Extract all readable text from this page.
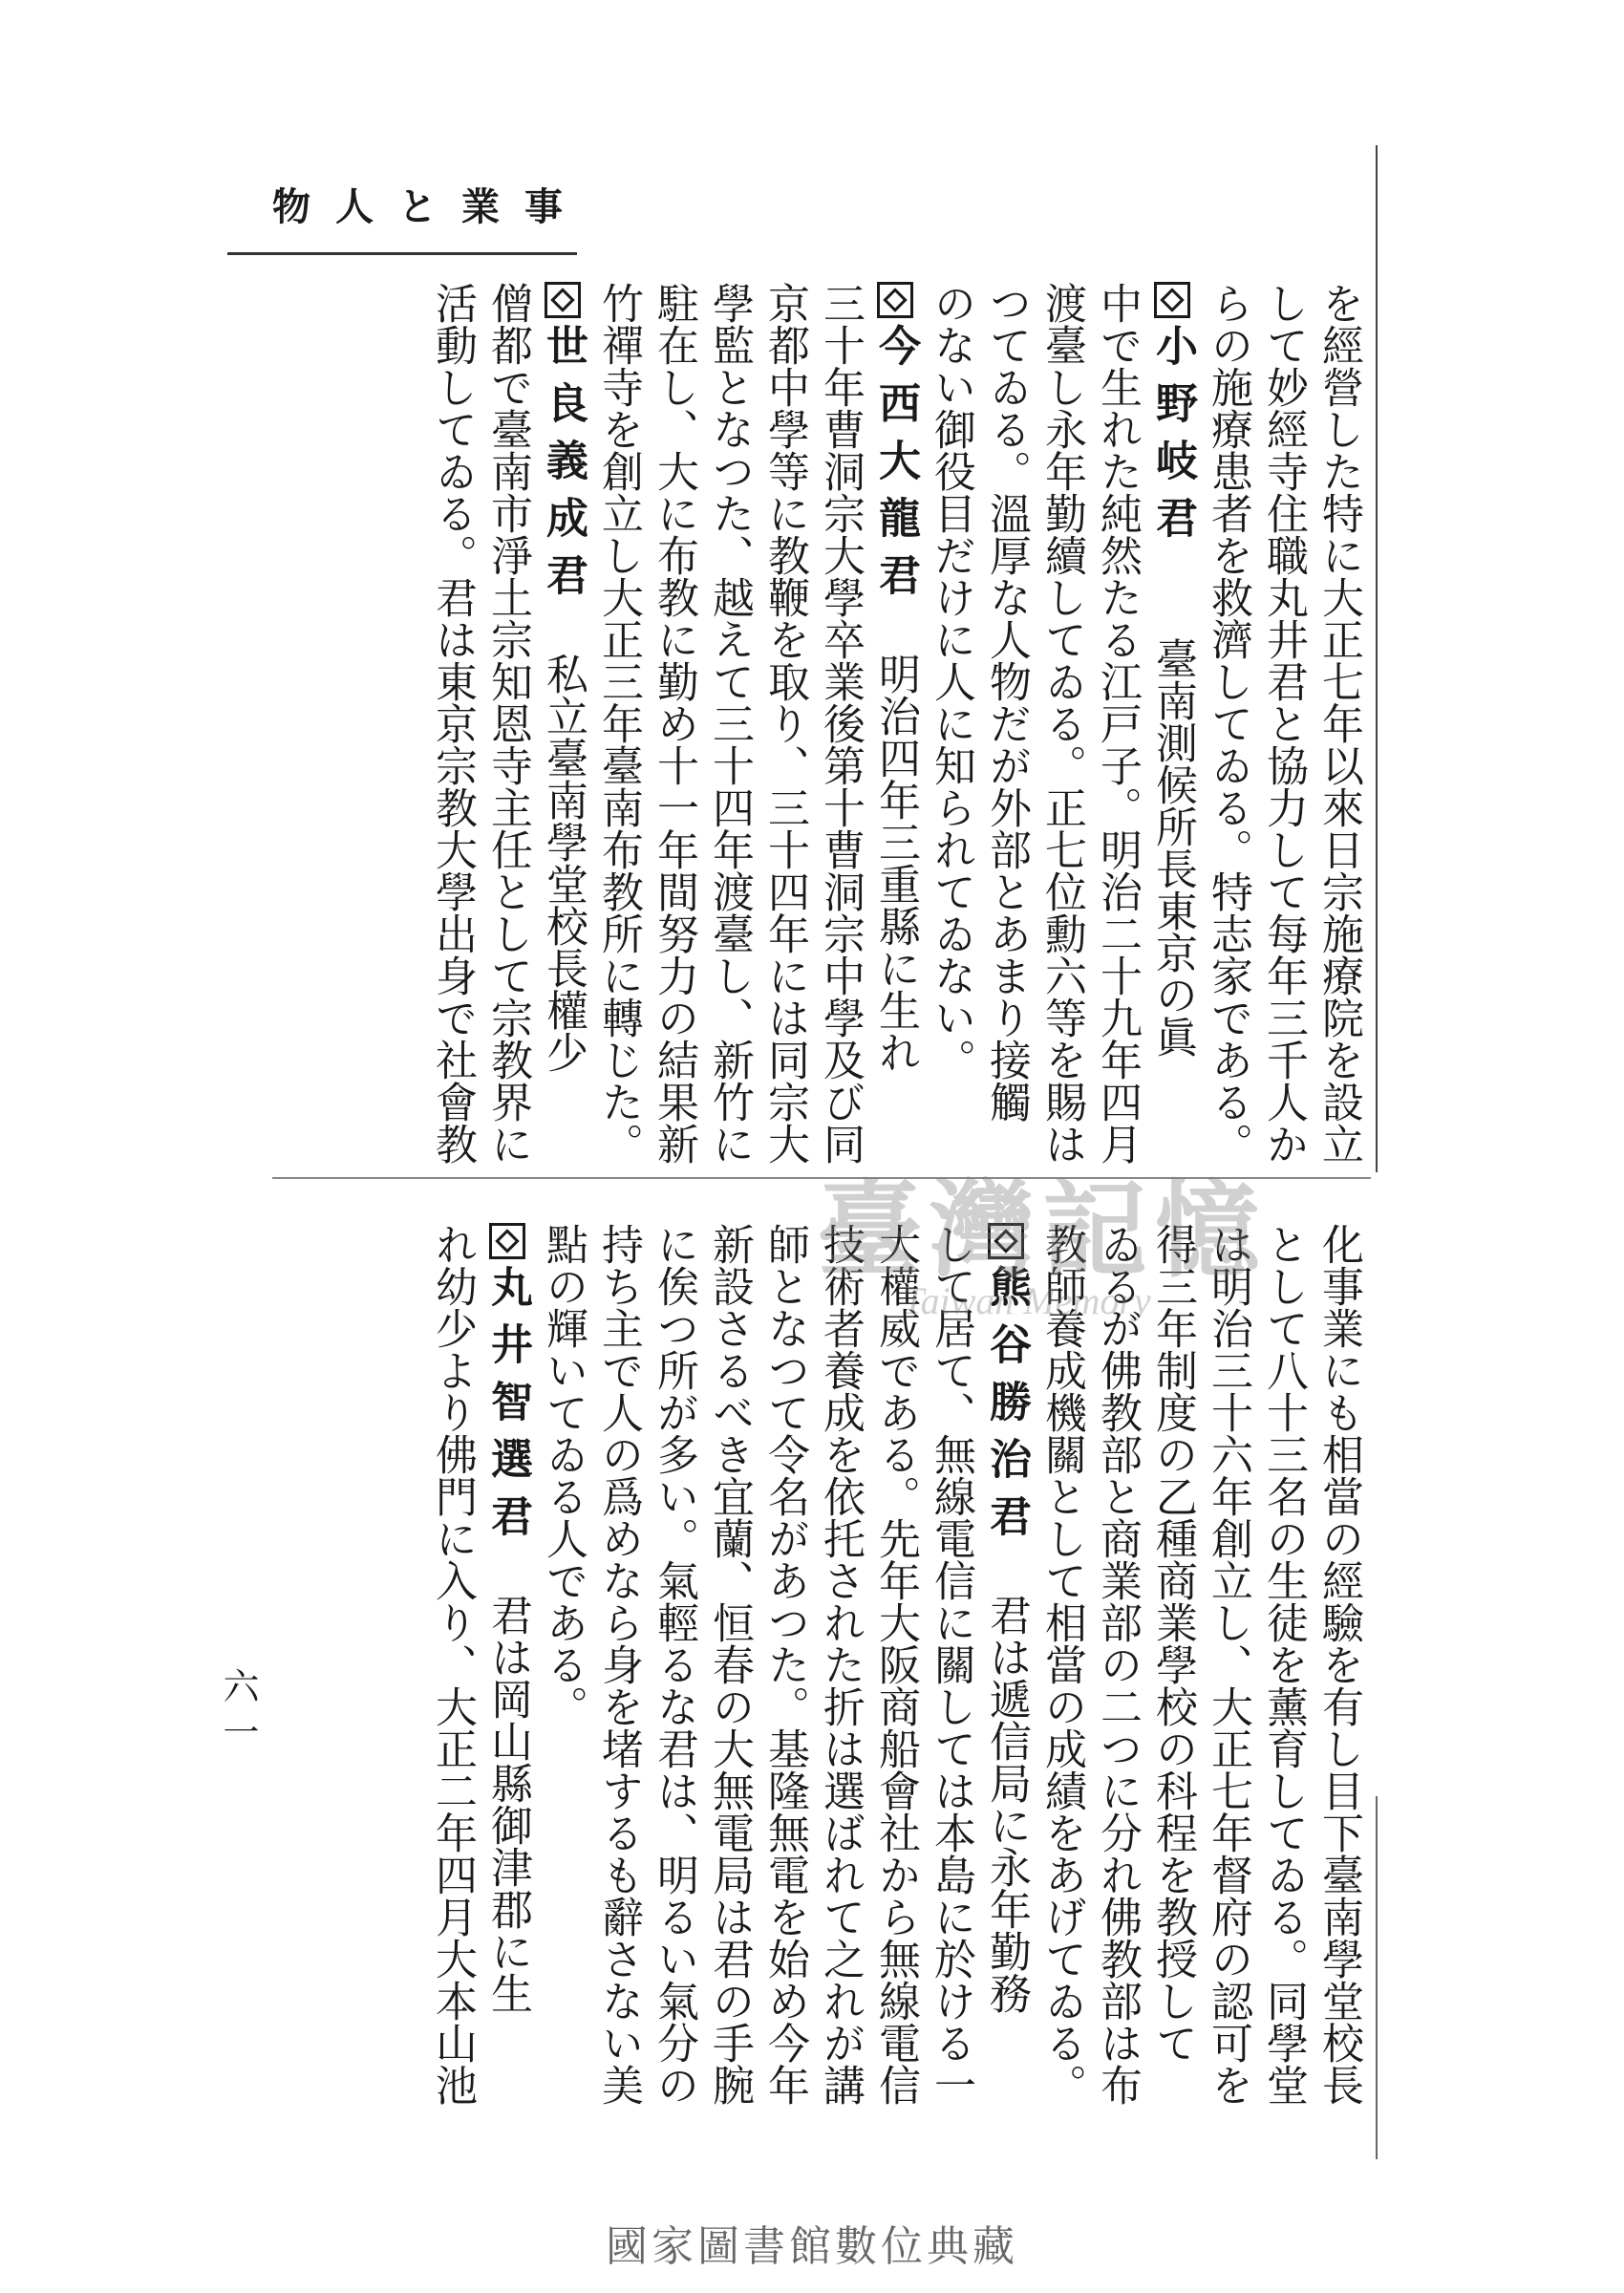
事業と人物
を經營した特に大正七年以來日宗施療院を設立
して妙經寺住職丸井君と協力して每年三千人か
らの施療患者を救濟してゐる。特志家である。
小野岐君　　臺南測候所長東京の眞
中で生れた純然たる江戸子。明治二十九年四月
渡臺し永年勤續してゐる。正七位勳六等を賜は
つてゐる。溫厚な人物だが外部とあまり接觸
のない御役目だけに人に知られてゐない。
今西大龍君　明治四年三重縣に生れ
三十年曹洞宗大學卒業後第十曹洞宗中學及び同
京都中學等に教鞭を取り、三十四年には同宗大
學監となつた、越えて三十四年渡臺し、新竹に
駐在し、大に布教に勤め十一年間努力の結果新
竹禪寺を創立し大正三年臺南布教所に轉じた。
世良義成君　私立臺南學堂校長權少
僧都で臺南市淨土宗知恩寺主任として宗教界に
活動してゐる。君は東京宗教大學出身で社會教
化事業にも相當の經驗を有し目下臺南學堂校長
として八十三名の生徒を薰育してゐる。同學堂
は明治三十六年創立し、大正七年督府の認可を
得三年制度の乙種商業學校の科程を教授して
ゐるが佛教部と商業部の二つに分れ佛教部は布
教師養成機關として相當の成績をあげてゐる。
熊谷勝治君　君は遞信局に永年勤務
して居て、無線電信に關しては本島に於ける一
大權威である。先年大阪商船會社から無線電信
技術者養成を依托された折は選ばれて之れが講
師となつて令名があつた。基隆無電を始め今年
新設さるべき宜蘭、恒春の大無電局は君の手腕
に俟つ所が多い。氣輕るな君は、明るい氣分の
持ち主で人の爲めなら身を堵するも辭さない美
點の輝いてゐる人である。
丸井智選君　君は岡山縣御津郡に生
れ幼少より佛門に入り、大正二年四月大本山池
六一
臺灣記憶
Taiwan Memory
國家圖書館數位典藏
